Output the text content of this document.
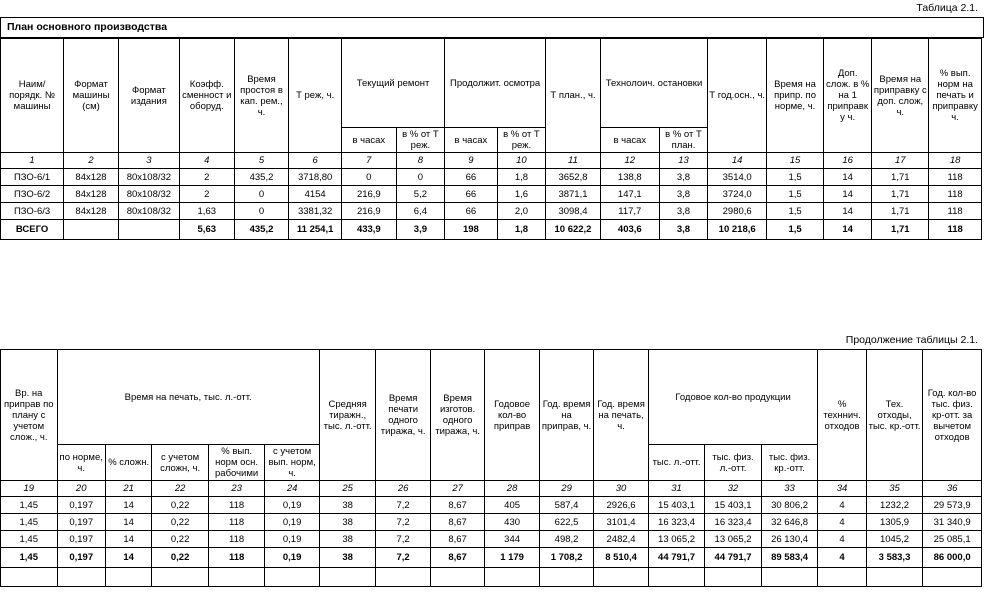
Таблица 2.1.
План основного производства
Наим/ порядк. № машины	Формат машины (см)	Формат издания	Коэфф. сменност и оборуд.	Время простоя в кап. рем., ч.	Т реж, ч.	Текущий ремонт		Продолжит. осмотра		Т план., ч.	Технолоич. остановки		Т год.осн., ч.	Время на припр. по норме, ч.	Доп. слож. в % на 1 приправку ч.	Время на приправку с доп. слож, ч.	% вып. норм на печать и приправку ч.
						в часах	в % от Т реж.	в часах	в % от Т реж.		в часах	в % от Т план.					
1	2	3	4	5	6	7	8	9	10	11	12	13	14	15	16	17	18
ПЗО-6/1	84х128	80х108/32	2	435,2	3718,80	0	0	66	1,8	3652,8	138,8	3,8	3514,0	1,5	14	1,71	118
ПЗО-6/2	84х128	80х108/32	2	0	4154	216,9	5,2	66	1,6	3871,1	147,1	3,8	3724,0	1,5	14	1,71	118
ПЗО-6/3	84х128	80х108/32	1,63	0	3381,32	216,9	6,4	66	2,0	3098,4	117,7	3,8	2980,6	1,5	14	1,71	118
ВСЕГО			5,63	435,2	11 254,1	433,9	3,9	198	1,8	10 622,2	403,6	3,8	10 218,6	1,5	14	1,71	118
Продолжение таблицы 2.1.
Вр. на приправ по плану с учетом слож., ч.	Время на печать, тыс. л.-отт.					Средняя тиражн., тыс. л.-отт.	Время печати одного тиража, ч.	Время изготов. одного тиража, ч.	Годовое кол-во приправ	Год. время на приправ, ч.	Год. время на печать, ч.	Годовое кол-во продукции			% техннич. отходов	Тех. отходы, тыс. кр.-отт.	Год. кол-во тыс. физ. кр-отт. за вычетом отходов
	по норме, ч.	% сложн.	с учетом сложн, ч.	% вып. норм осн. рабочими	с учетом вып. норм, ч.							тыс. л.-отт.	тыс. физ. л.-отт.	тыс. физ. кр.-отт.			
19	20	21	22	23	24	25	26	27	28	29	30	31	32	33	34	35	36
1,45	0,197	14	0,22	118	0,19	38	7,2	8,67	405	587,4	2926,6	15 403,1	15 403,1	30 806,2	4	1232,2	29 573,9
1,45	0,197	14	0,22	118	0,19	38	7,2	8,67	430	622,5	3101,4	16 323,4	16 323,4	32 646,8	4	1305,9	31 340,9
1,45	0,197	14	0,22	118	0,19	38	7,2	8,67	344	498,2	2482,4	13 065,2	13 065,2	26 130,4	4	1045,2	25 085,1
1,45	0,197	14	0,22	118	0,19	38	7,2	8,67	1 179	1 708,2	8 510,4	44 791,7	44 791,7	89 583,4	4	3 583,3	86 000,0
